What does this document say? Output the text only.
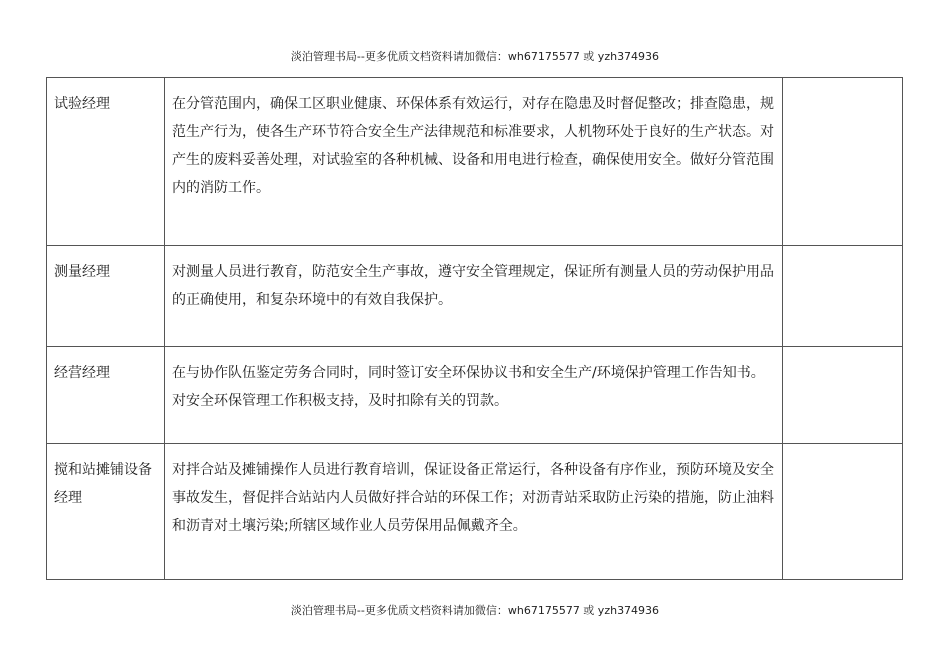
淡泊管理书局--更多优质文档资料请加微信：wh67175577 或 yzh374936
试验经理	在分管范围内，确保工区职业健康、环保体系有效运行，对存在隐患及时督促整改；排查隐患，规范生产行为，使各生产环节符合安全生产法律规范和标准要求，人机物环处于良好的生产状态。对产生的废料妥善处理，对试验室的各种机械、设备和用电进行检查，确保使用安全。做好分管范围内的消防工作。	
测量经理	对测量人员进行教育，防范安全生产事故，遵守安全管理规定，保证所有测量人员的劳动保护用品的正确使用，和复杂环境中的有效自我保护。	
经营经理	在与协作队伍鉴定劳务合同时，同时签订安全环保协议书和安全生产/环境保护管理工作告知书。对安全环保管理工作积极支持，及时扣除有关的罚款。	
搅和站摊铺设备经理	对拌合站及摊铺操作人员进行教育培训，保证设备正常运行，各种设备有序作业，预防环境及安全事故发生，督促拌合站站内人员做好拌合站的环保工作；对沥青站采取防止污染的措施，防止油料和沥青对土壤污染;所辖区域作业人员劳保用品佩戴齐全。	
淡泊管理书局--更多优质文档资料请加微信：wh67175577 或 yzh374936
